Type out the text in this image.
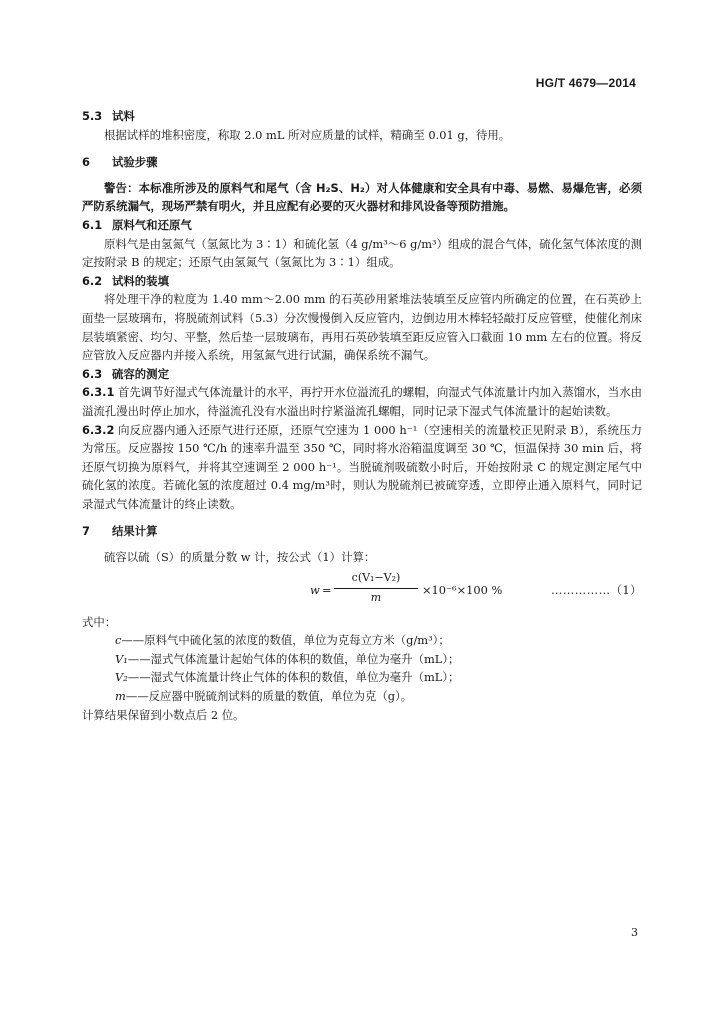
HG/T 4679—2014

5.3 试料

根据试样的堆积密度，称取 2.0 mL 所对应质量的试样，精确至 0.01 g，待用。

6 试验步骤

警告：本标准所涉及的原料气和尾气（含 H₂S、H₂）对人体健康和安全具有中毒、易燃、易爆危害，必须严防系统漏气，现场严禁有明火，并且应配有必要的灭火器材和排风设备等预防措施。

6.1 原料气和还原气

原料气是由氢氮气（氢氮比为 3∶1）和硫化氢（4 g/m³～6 g/m³）组成的混合气体，硫化氢气体浓度的测定按附录 B 的规定；还原气由氢氮气（氢氮比为 3∶1）组成。

6.2 试料的装填

将处理干净的粒度为 1.40 mm～2.00 mm 的石英砂用紧堆法装填至反应管内所确定的位置，在石英砂上面垫一层玻璃布，将脱硫剂试料（5.3）分次慢慢倒入反应管内，边倒边用木棒轻轻敲打反应管壁，使催化剂床层装填紧密、均匀、平整，然后垫一层玻璃布，再用石英砂装填至距反应管入口截面 10 mm 左右的位置。将反应管放入反应器内并接入系统，用氢氮气进行试漏，确保系统不漏气。

6.3 硫容的测定

6.3.1 首先调节好湿式气体流量计的水平，再拧开水位溢流孔的螺帽，向湿式气体流量计内加入蒸馏水，当水由溢流孔漫出时停止加水，待溢流孔没有水溢出时拧紧溢流孔螺帽，同时记录下湿式气体流量计的起始读数。

6.3.2 向反应器内通入还原气进行还原，还原气空速为 1 000 h⁻¹（空速相关的流量校正见附录 B），系统压力为常压。反应器按 150 ℃/h 的速率升温至 350 ℃，同时将水浴箱温度调至 30 ℃，恒温保持 30 min 后，将还原气切换为原料气，并将其空速调至 2 000 h⁻¹。当脱硫剂吸硫数小时后，开始按附录 C 的规定测定尾气中硫化氢的浓度。若硫化氢的浓度超过 0.4 mg/m³时，则认为脱硫剂已被硫穿透，立即停止通入原料气，同时记录湿式气体流量计的终止读数。

7 结果计算

硫容以硫（S）的质量分数 w 计，按公式（1）计算：

$w = \frac{\text{c(V₁−V₂)}}{m} \times 10^{-6}\times 100$ %	……………（1）

式中：

c——原料气中硫化氢的浓度的数值，单位为克每立方米（g/m³）；

V₁——湿式气体流量计起始气体的体积的数值，单位为毫升（mL）；

V₂——湿式气体流量计终止气体的体积的数值，单位为毫升（mL）；

m——反应器中脱硫剂试料的质量的数值，单位为克（g）。

计算结果保留到小数点后 2 位。

3
